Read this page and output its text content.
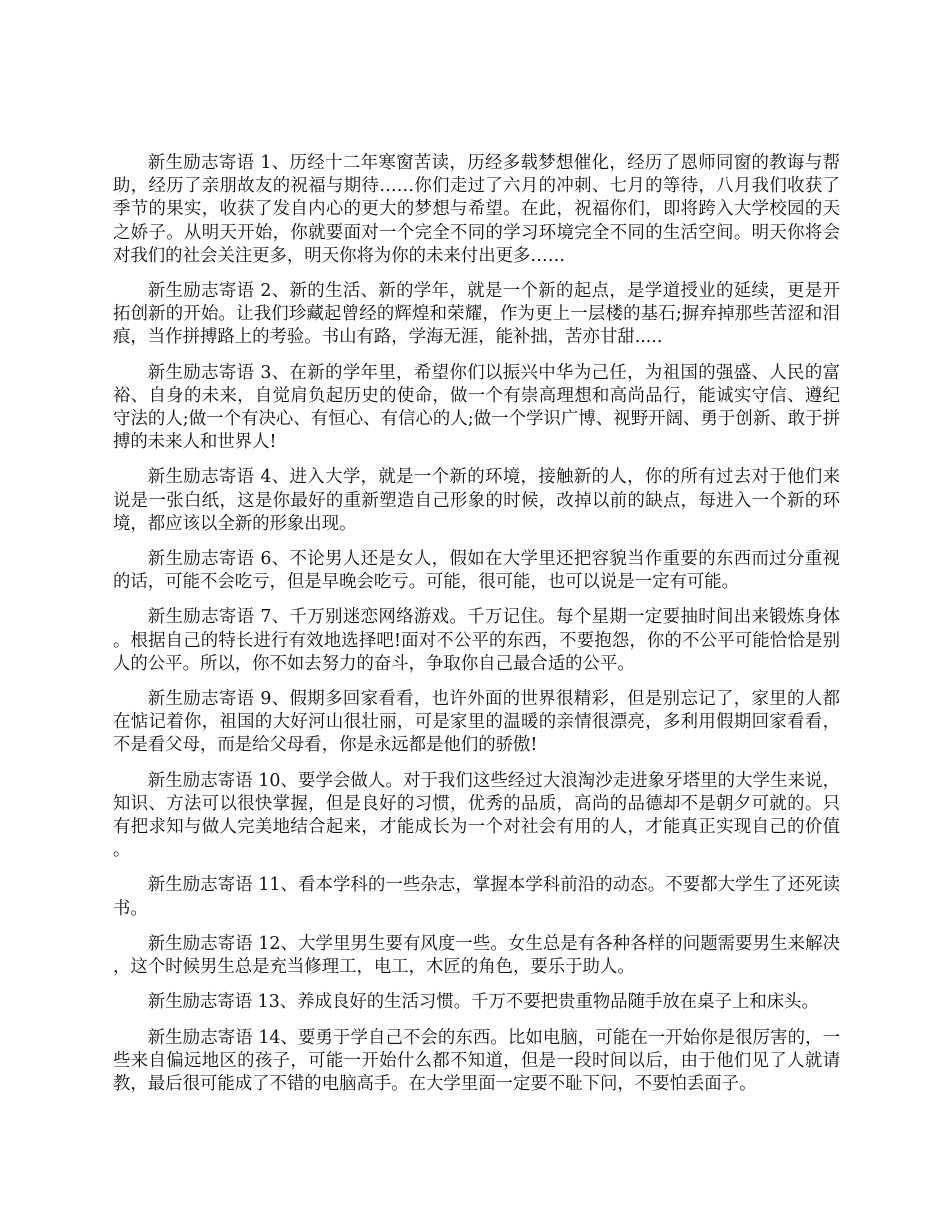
新生励志寄语 1、历经十二年寒窗苦读，历经多载梦想催化，经历了恩师同窗的教诲与帮助，经历了亲朋故友的祝福与期待……你们走过了六月的冲刺、七月的等待，八月我们收获了季节的果实，收获了发自内心的更大的梦想与希望。在此，祝福你们，即将跨入大学校园的天之娇子。从明天开始，你就要面对一个完全不同的学习环境完全不同的生活空间。明天你将会对我们的社会关注更多，明天你将为你的未来付出更多……

新生励志寄语 2、新的生活、新的学年，就是一个新的起点，是学道授业的延续，更是开拓创新的开始。让我们珍藏起曾经的辉煌和荣耀，作为更上一层楼的基石;摒弃掉那些苦涩和泪痕，当作拼搏路上的考验。书山有路，学海无涯，能补拙，苦亦甘甜.....

新生励志寄语 3、在新的学年里，希望你们以振兴中华为己任，为祖国的强盛、人民的富裕、自身的未来，自觉肩负起历史的使命，做一个有崇高理想和高尚品行，能诚实守信、遵纪守法的人;做一个有决心、有恒心、有信心的人;做一个学识广博、视野开阔、勇于创新、敢于拼搏的未来人和世界人!

新生励志寄语 4、进入大学，就是一个新的环境，接触新的人，你的所有过去对于他们来说是一张白纸，这是你最好的重新塑造自己形象的时候，改掉以前的缺点，每进入一个新的环境，都应该以全新的形象出现。

新生励志寄语 6、不论男人还是女人，假如在大学里还把容貌当作重要的东西而过分重视的话，可能不会吃亏，但是早晚会吃亏。可能，很可能，也可以说是一定有可能。

新生励志寄语 7、千万别迷恋网络游戏。千万记住。每个星期一定要抽时间出来锻炼身体。根据自己的特长进行有效地选择吧!面对不公平的东西，不要抱怨，你的不公平可能恰恰是别人的公平。所以，你不如去努力的奋斗，争取你自己最合适的公平。

新生励志寄语 9、假期多回家看看，也许外面的世界很精彩，但是别忘记了，家里的人都在惦记着你，祖国的大好河山很壮丽，可是家里的温暖的亲情很漂亮，多利用假期回家看看，不是看父母，而是给父母看，你是永远都是他们的骄傲!

新生励志寄语 10、要学会做人。对于我们这些经过大浪淘沙走进象牙塔里的大学生来说，知识、方法可以很快掌握，但是良好的习惯，优秀的品质，高尚的品德却不是朝夕可就的。只有把求知与做人完美地结合起来，才能成长为一个对社会有用的人，才能真正实现自己的价值。

新生励志寄语 11、看本学科的一些杂志，掌握本学科前沿的动态。不要都大学生了还死读书。

新生励志寄语 12、大学里男生要有风度一些。女生总是有各种各样的问题需要男生来解决，这个时候男生总是充当修理工，电工，木匠的角色，要乐于助人。

新生励志寄语 13、养成良好的生活习惯。千万不要把贵重物品随手放在桌子上和床头。

新生励志寄语 14、要勇于学自己不会的东西。比如电脑，可能在一开始你是很厉害的，一些来自偏远地区的孩子，可能一开始什么都不知道，但是一段时间以后，由于他们见了人就请教，最后很可能成了不错的电脑高手。在大学里面一定要不耻下问，不要怕丢面子。
